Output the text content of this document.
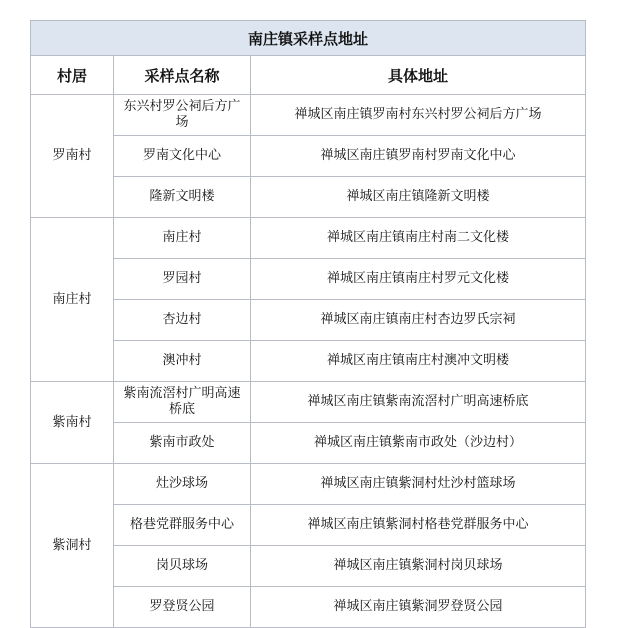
南庄镇采样点地址		
村居	采样点名称	具体地址
罗南村	东兴村罗公祠后方广场	禅城区南庄镇罗南村东兴村罗公祠后方广场
	罗南文化中心	禅城区南庄镇罗南村罗南文化中心
	隆新文明楼	禅城区南庄镇隆新文明楼
南庄村	南庄村	禅城区南庄镇南庄村南二文化楼
	罗园村	禅城区南庄镇南庄村罗元文化楼
	杏边村	禅城区南庄镇南庄村杏边罗氏宗祠
	澳冲村	禅城区南庄镇南庄村澳冲文明楼
紫南村	紫南流滘村广明高速桥底	禅城区南庄镇紫南流滘村广明高速桥底
	紫南市政处	禅城区南庄镇紫南市政处（沙边村）
紫洞村	灶沙球场	禅城区南庄镇紫洞村灶沙村篮球场
	格巷党群服务中心	禅城区南庄镇紫洞村格巷党群服务中心
	岗贝球场	禅城区南庄镇紫洞村岗贝球场
	罗登贤公园	禅城区南庄镇紫洞罗登贤公园
